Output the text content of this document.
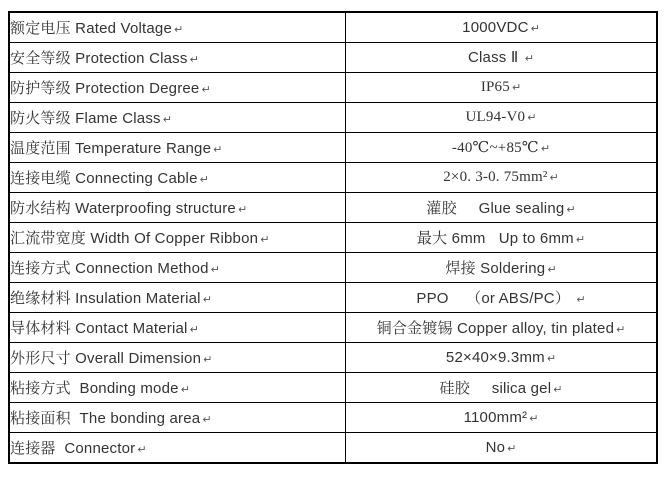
额定电压 Rated Voltage ↵	1000VDC ↵
安全等级 Protection Class ↵	Class Ⅱ ↵
防护等级 Protection Degree ↵	IP65 ↵
防火等级 Flame Class ↵	UL94-V0 ↵
温度范围 Temperature Range ↵	-40℃~+85℃ ↵
连接电缆 Connecting Cable ↵	2×0. 3-0. 75mm² ↵
防水结构 Waterproofing structure ↵	灌胶     Glue sealing ↵
汇流带宽度 Width Of Copper Ribbon ↵	最大 6mm   Up to 6mm ↵
连接方式 Connection Method ↵	焊接 Soldering ↵
绝缘材料 Insulation Material ↵	PPO    （or ABS/PC） ↵
导体材料 Contact Material ↵	铜合金镀锡 Copper alloy, tin plated ↵
外形尺寸 Overall Dimension ↵	52×40×9.3mm ↵
粘接方式  Bonding mode ↵	硅胶     silica gel ↵
粘接面积  The bonding area ↵	1100mm² ↵
连接器  Connector ↵	No ↵
